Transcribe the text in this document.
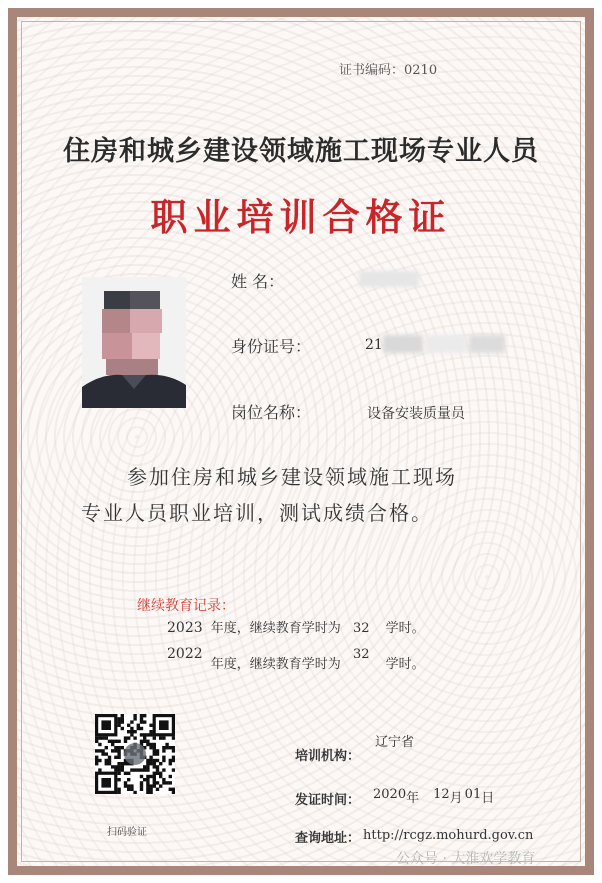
证书编码：0210
住房和城乡建设领域施工现场专业人员
职业培训合格证
姓 名：
身份证号：	21
岗位名称：	设备安装质量员
参加住房和城乡建设领域施工现场
专业人员职业培训，测试成绩合格。
继续教育记录：
2023 年度，继续教育学时为 32 学时。
2022 年度，继续教育学时为 32 学时。
扫码验证
培训机构：
辽宁省
发证时间： 2020年 12月 01日
查询地址： http://rcgz.mohurd.gov.cn
公众号 · 大淮欢学教育
